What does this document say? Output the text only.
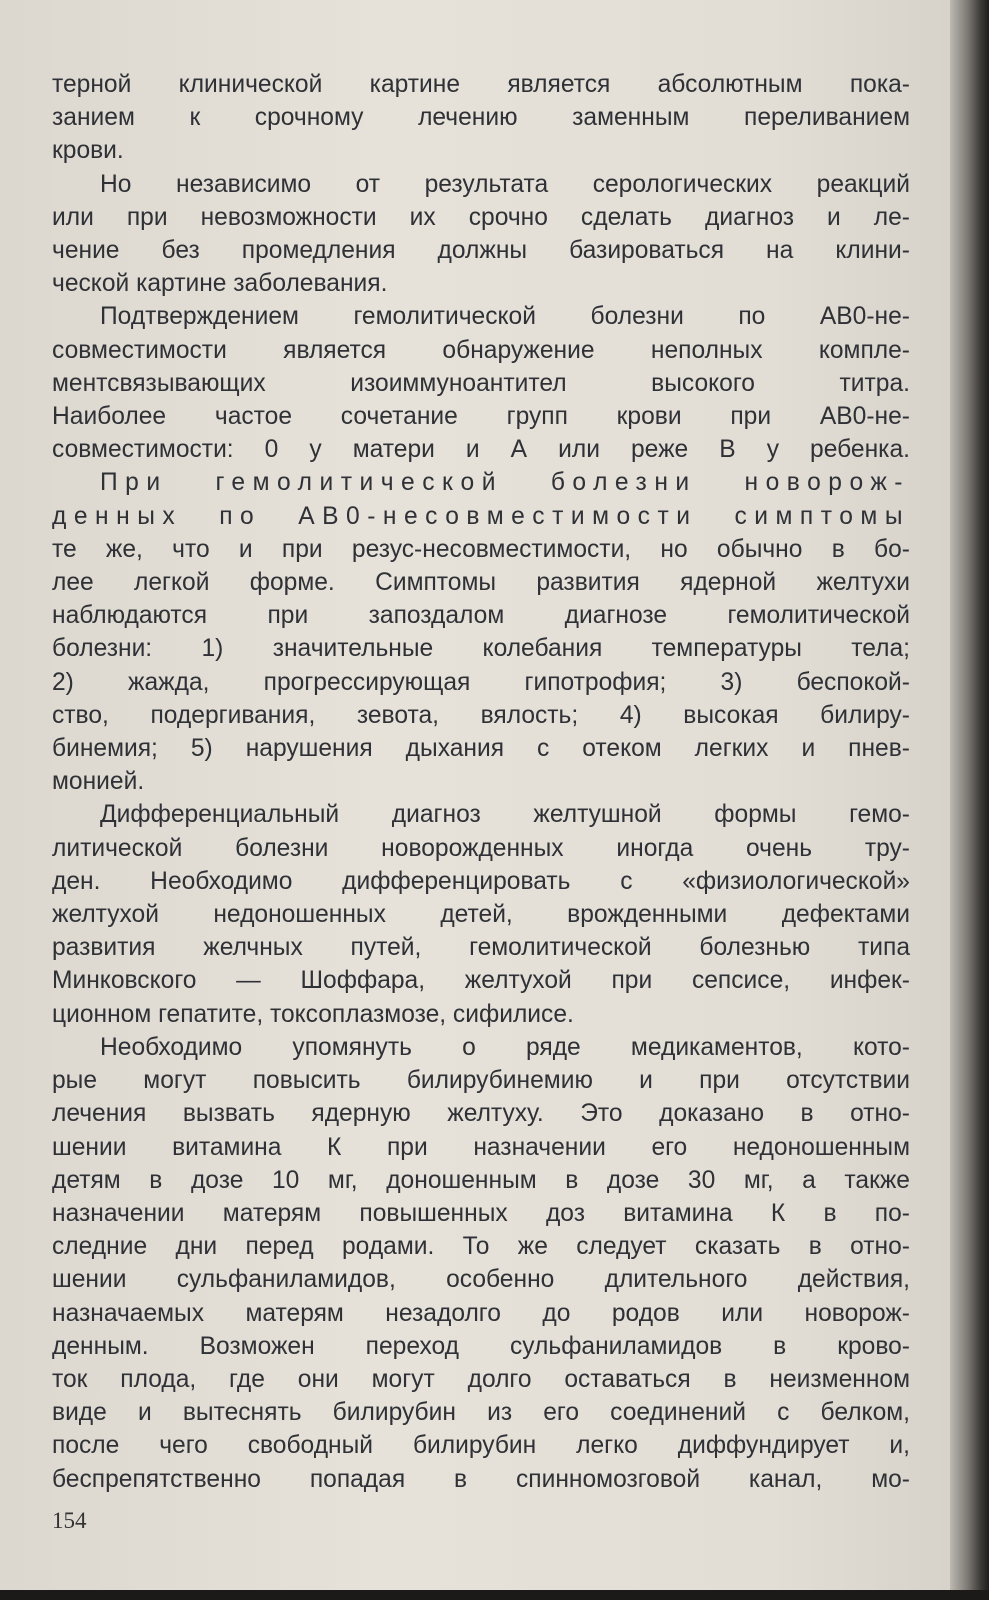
терной клинической картине является абсолютным пока-
занием к срочному лечению заменным переливанием
крови.
Но независимо от результата серологических реакций
или при невозможности их срочно сделать диагноз и ле-
чение без промедления должны базироваться на клини-
ческой картине заболевания.
Подтверждением гемолитической болезни по АВ0-не-
совместимости является обнаружение неполных компле-
ментсвязывающих изоиммуноантител высокого титра.
Наиболее частое сочетание групп крови при АВ0-не-
совместимости: 0 у матери и А или реже В у ребенка.
При гемолитической болезни новорож-
денных по АВ0-несовместимости симптомы
те же, что и при резус-несовместимости, но обычно в бо-
лее легкой форме. Симптомы развития ядерной желтухи
наблюдаются при запоздалом диагнозе гемолитической
болезни: 1) значительные колебания температуры тела;
2) жажда, прогрессирующая гипотрофия; 3) беспокой-
ство, подергивания, зевота, вялость; 4) высокая билиру-
бинемия; 5) нарушения дыхания с отеком легких и пнев-
монией.
Дифференциальный диагноз желтушной формы гемо-
литической болезни новорожденных иногда очень тру-
ден. Необходимо дифференцировать с «физиологической»
желтухой недоношенных детей, врожденными дефектами
развития желчных путей, гемолитической болезнью типа
Минковского — Шоффара, желтухой при сепсисе, инфек-
ционном гепатите, токсоплазмозе, сифилисе.
Необходимо упомянуть о ряде медикаментов, кото-
рые могут повысить билирубинемию и при отсутствии
лечения вызвать ядерную желтуху. Это доказано в отно-
шении витамина К при назначении его недоношенным
детям в дозе 10 мг, доношенным в дозе 30 мг, а также
назначении матерям повышенных доз витамина К в по-
следние дни перед родами. То же следует сказать в отно-
шении сульфаниламидов, особенно длительного действия,
назначаемых матерям незадолго до родов или новорож-
денным. Возможен переход сульфаниламидов в крово-
ток плода, где они могут долго оставаться в неизменном
виде и вытеснять билирубин из его соединений с белком,
после чего свободный билирубин легко диффундирует и,
беспрепятственно попадая в спинномозговой канал, мо-
154
